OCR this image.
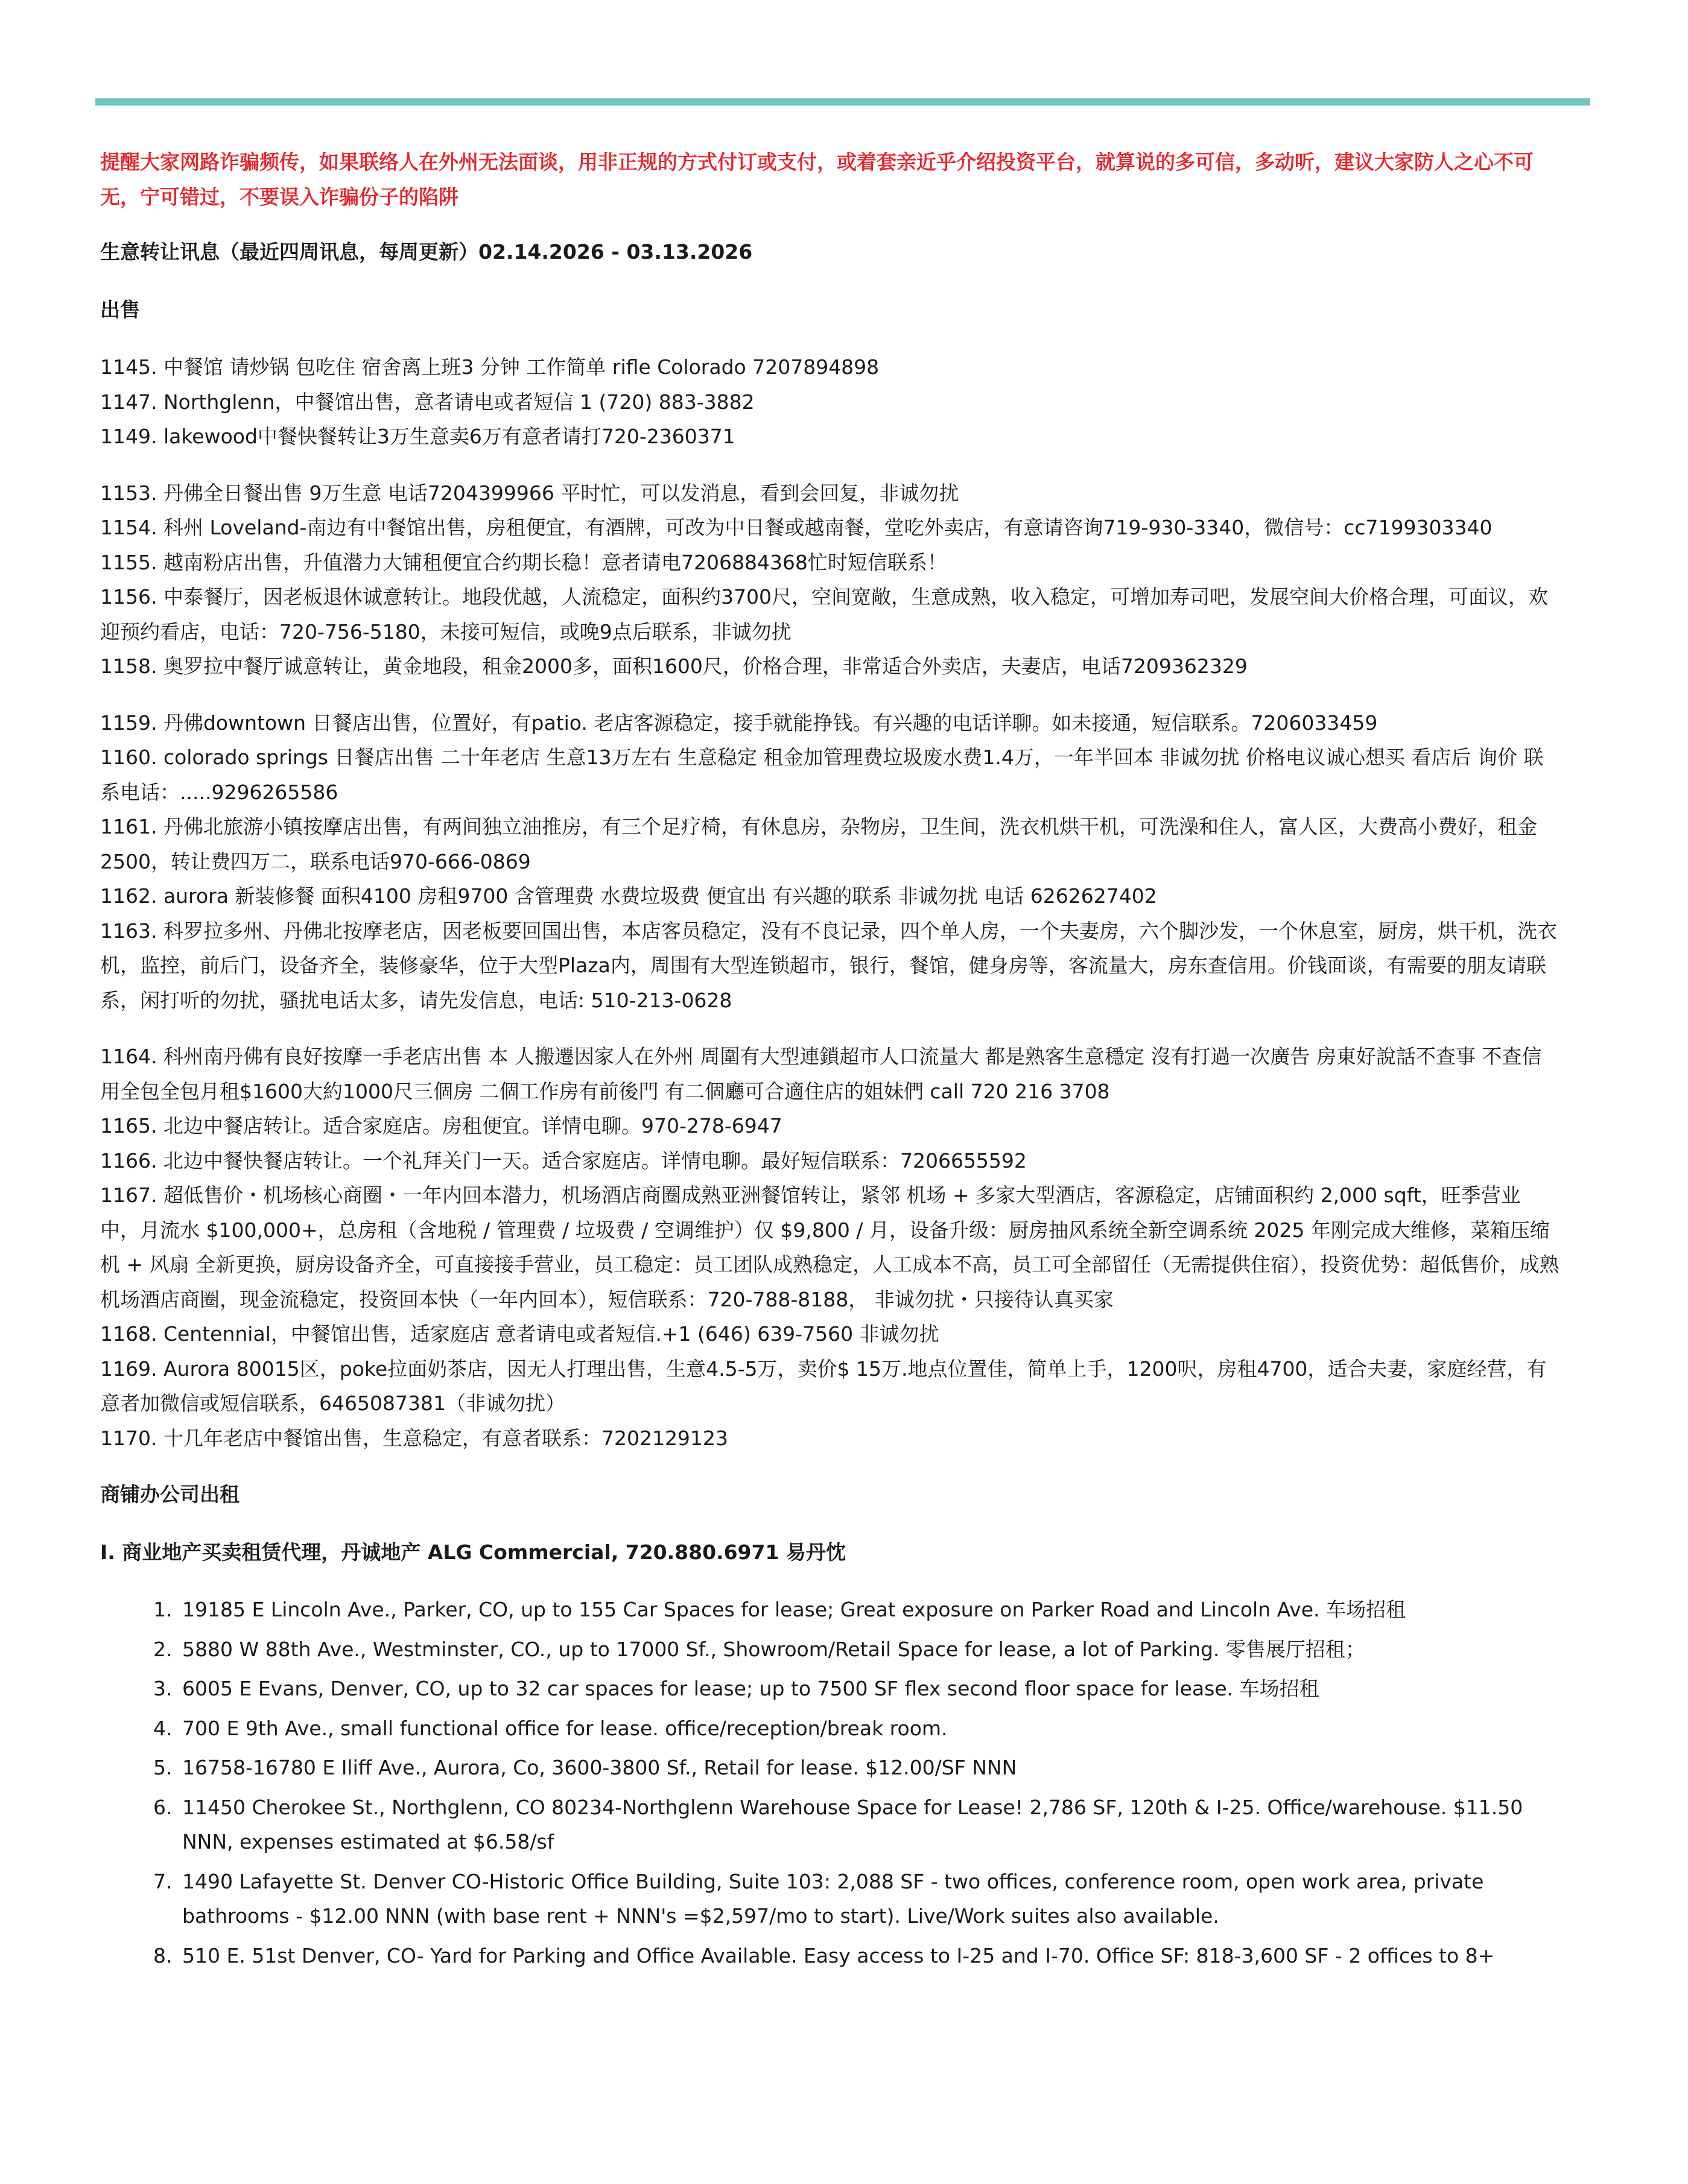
提醒大家网路诈骗频传，如果联络人在外州无法面谈，用非正规的方式付订或支付，或着套亲近乎介绍投资平台，就算说的多可信，多动听，建议大家防人之心不可无，宁可错过，不要误入诈骗份子的陷阱

生意转让讯息（最近四周讯息，每周更新）02.14.2026 - 03.13.2026

出售

1145. 中餐馆 请炒锅 包吃住 宿舍离上班3 分钟 工作简单 rifle Colorado 7207894898
1147. Northglenn，中餐馆出售，意者请电或者短信 1 (720) 883-3882
1149. lakewood中餐快餐转让3万生意卖6万有意者请打720-2360371
1153. 丹佛全日餐出售 9万生意 电话7204399966 平时忙，可以发消息，看到会回复，非诚勿扰
1154. 科州 Loveland-南边有中餐馆出售，房租便宜，有酒牌，可改为中日餐或越南餐，堂吃外卖店，有意请咨询719-930-3340，微信号：cc7199303340
1155. 越南粉店出售，升值潜力大铺租便宜合约期长稳！意者请电7206884368忙时短信联系！
1156. 中泰餐厅，因老板退休诚意转让。地段优越，人流稳定，面积约3700尺，空间宽敞，生意成熟，收入稳定，可增加寿司吧，发展空间大价格合理，可面议，欢迎预约看店，电话：720-756-5180，未接可短信，或晚9点后联系，非诚勿扰
1158. 奥罗拉中餐厅诚意转让，黄金地段，租金2000多，面积1600尺，价格合理，非常适合外卖店，夫妻店，电话7209362329
1159. 丹佛downtown 日餐店出售，位置好，有patio. 老店客源稳定，接手就能挣钱。有兴趣的电话详聊。如未接通，短信联系。7206033459
1160. colorado springs 日餐店出售 二十年老店 生意13万左右 生意稳定 租金加管理费垃圾废水费1.4万，一年半回本 非诚勿扰 价格电议诚心想买 看店后 询价 联系电话：.....9296265586
1161. 丹佛北旅游小镇按摩店出售，有两间独立油推房，有三个足疗椅，有休息房，杂物房，卫生间，洗衣机烘干机，可洗澡和住人，富人区，大费高小费好，租金2500，转让费四万二，联系电话970-666-0869
1162. aurora 新装修餐 面积4100 房租9700 含管理费 水费垃圾费 便宜出 有兴趣的联系 非诚勿扰 电话 6262627402
1163. 科罗拉多州、丹佛北按摩老店，因老板要回国出售，本店客员稳定，没有不良记录，四个单人房，一个夫妻房，六个脚沙发，一个休息室，厨房，烘干机，洗衣机，监控，前后门，设备齐全，装修豪华，位于大型Plaza内，周围有大型连锁超市，银行，餐馆，健身房等，客流量大，房东查信用。价钱面谈，有需要的朋友请联系，闲打听的勿扰，骚扰电话太多，请先发信息，电话: 510-213-0628
1164. 科州南丹佛有良好按摩一手老店出售 本 人搬遷因家人在外州 周圍有大型連鎖超市人口流量大 都是熟客生意穩定 沒有打過一次廣告 房東好說話不查事 不查信用全包全包月租$1600大約1000尺三個房 二個工作房有前後門 有二個廳可合適住店的姐妹們 call 720 216 3708
1165. 北边中餐店转让。适合家庭店。房租便宜。详情电聊。970-278-6947
1166. 北边中餐快餐店转让。一个礼拜关门一天。适合家庭店。详情电聊。最好短信联系：7206655592
1167. 超低售价・机场核心商圈・一年内回本潜力，机场酒店商圈成熟亚洲餐馆转让，紧邻 机场 + 多家大型酒店，客源稳定，店铺面积约 2,000 sqft，旺季营业中，月流水 $100,000+，总房租（含地税 / 管理费 / 垃圾费 / 空调维护）仅 $9,800 / 月，设备升级：厨房抽风系统全新空调系统 2025 年刚完成大维修，菜箱压缩机 + 风扇 全新更换，厨房设备齐全，可直接接手营业，员工稳定：员工团队成熟稳定，人工成本不高，员工可全部留任（无需提供住宿），投资优势：超低售价，成熟机场酒店商圈，现金流稳定，投资回本快（一年内回本），短信联系：720-788-8188， 非诚勿扰・只接待认真买家
1168. Centennial，中餐馆出售，适家庭店 意者请电或者短信.+1 (646) 639-7560 非诚勿扰
1169. Aurora 80015区，poke拉面奶茶店，因无人打理出售，生意4.5-5万，卖价$ 15万.地点位置佳，简单上手，1200呎，房租4700，适合夫妻，家庭经营，有意者加微信或短信联系，6465087381（非诚勿扰）
1170. 十几年老店中餐馆出售，生意稳定，有意者联系：7202129123

商铺办公司出租

I. 商业地产买卖租赁代理，丹诚地产 ALG Commercial, 720.880.6971 易丹忱

1. 19185 E Lincoln Ave., Parker, CO, up to 155 Car Spaces for lease; Great exposure on Parker Road and Lincoln Ave. 车场招租
2. 5880 W 88th Ave., Westminster, CO., up to 17000 Sf., Showroom/Retail Space for lease, a lot of Parking. 零售展厅招租；
3. 6005 E Evans, Denver, CO, up to 32 car spaces for lease; up to 7500 SF flex second floor space for lease. 车场招租
4. 700 E 9th Ave., small functional office for lease. office/reception/break room.
5. 16758-16780 E Iliff Ave., Aurora, Co, 3600-3800 Sf., Retail for lease. $12.00/SF NNN
6. 11450 Cherokee St., Northglenn, CO 80234-Northglenn Warehouse Space for Lease! 2,786 SF, 120th & I-25. Office/warehouse. $11.50 NNN, expenses estimated at $6.58/sf
7. 1490 Lafayette St. Denver CO-Historic Office Building, Suite 103: 2,088 SF - two offices, conference room, open work area, private bathrooms - $12.00 NNN (with base rent + NNN's =$2,597/mo to start). Live/Work suites also available.
8. 510 E. 51st Denver, CO- Yard for Parking and Office Available. Easy access to I-25 and I-70. Office SF: 818-3,600 SF - 2 offices to 8+
